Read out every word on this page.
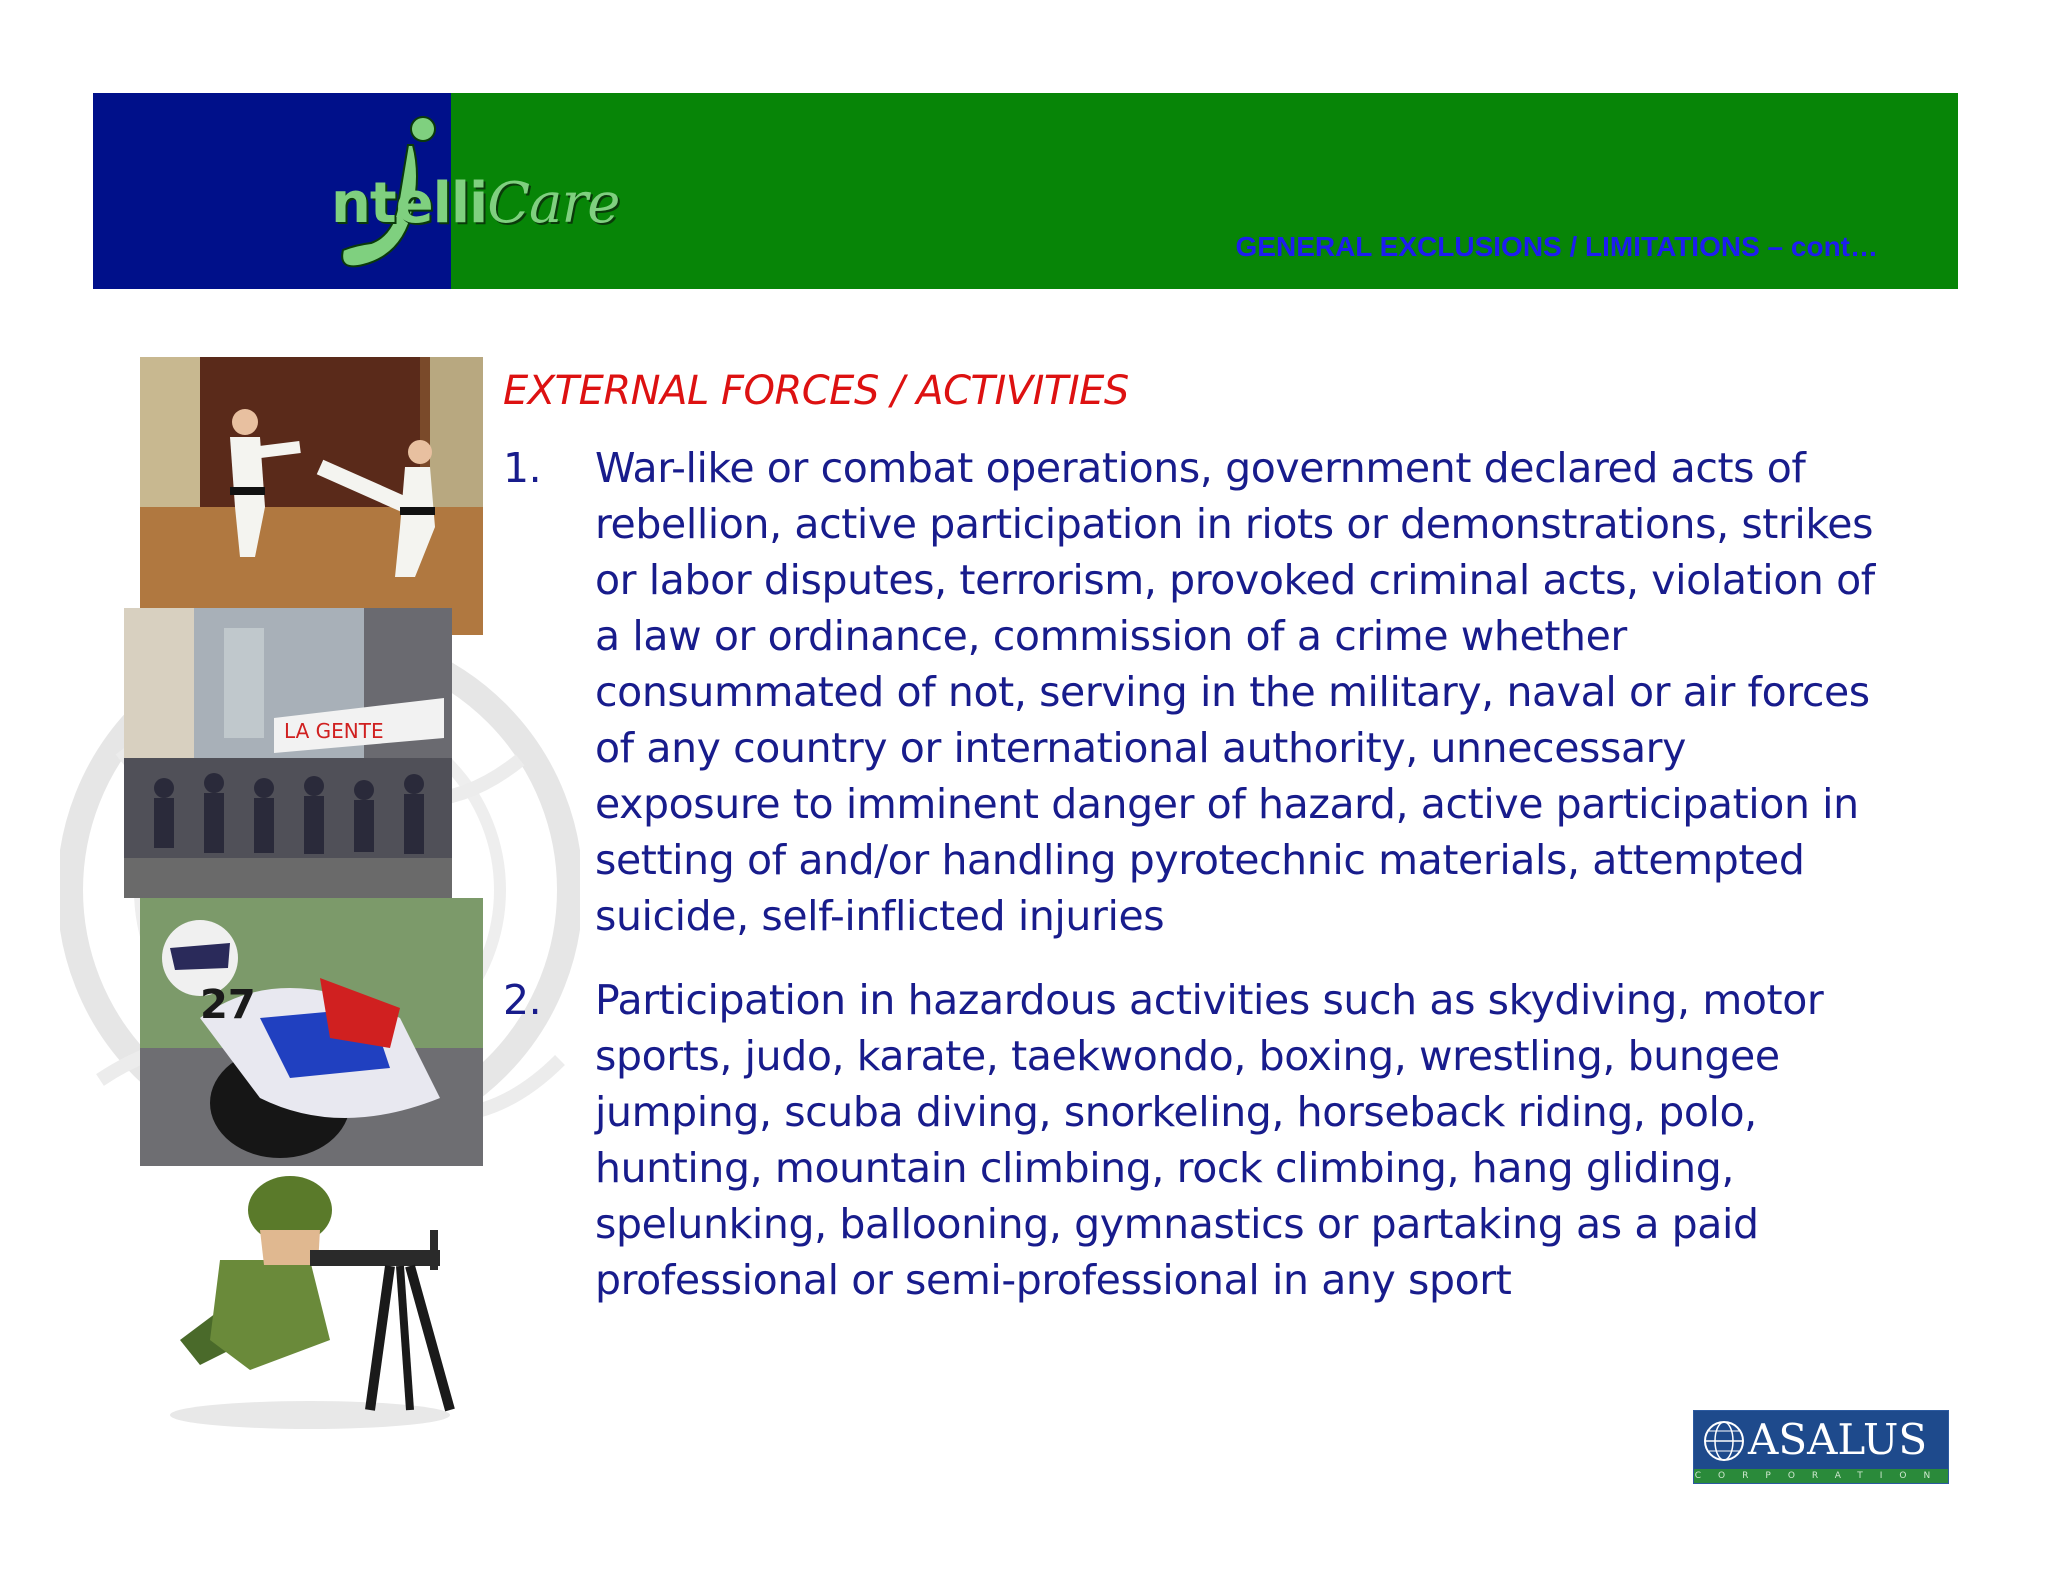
ntelliCare
GENERAL EXCLUSIONS / LIMITATIONS – cont…
LA GENTE
27
EXTERNAL FORCES / ACTIVITIES
1.	War-like or combat operations, government declared acts of rebellion, active participation in riots or demonstrations, strikes or labor disputes, terrorism, provoked criminal acts, violation of a law or ordinance, commission of a crime whether consummated of not, serving in the military, naval or air forces of any country or international authority, unnecessary exposure to imminent danger of hazard, active participation in setting of and/or handling pyrotechnic materials, attempted suicide, self-inflicted injuries
2.	Participation in hazardous activities such as skydiving, motor sports, judo, karate, taekwondo, boxing, wrestling, bungee jumping, scuba diving, snorkeling, horseback riding, polo, hunting, mountain climbing, rock climbing, hang gliding, spelunking, ballooning, gymnastics or partaking as a paid professional or semi-professional in any sport
ASALUS
CORPORATION
